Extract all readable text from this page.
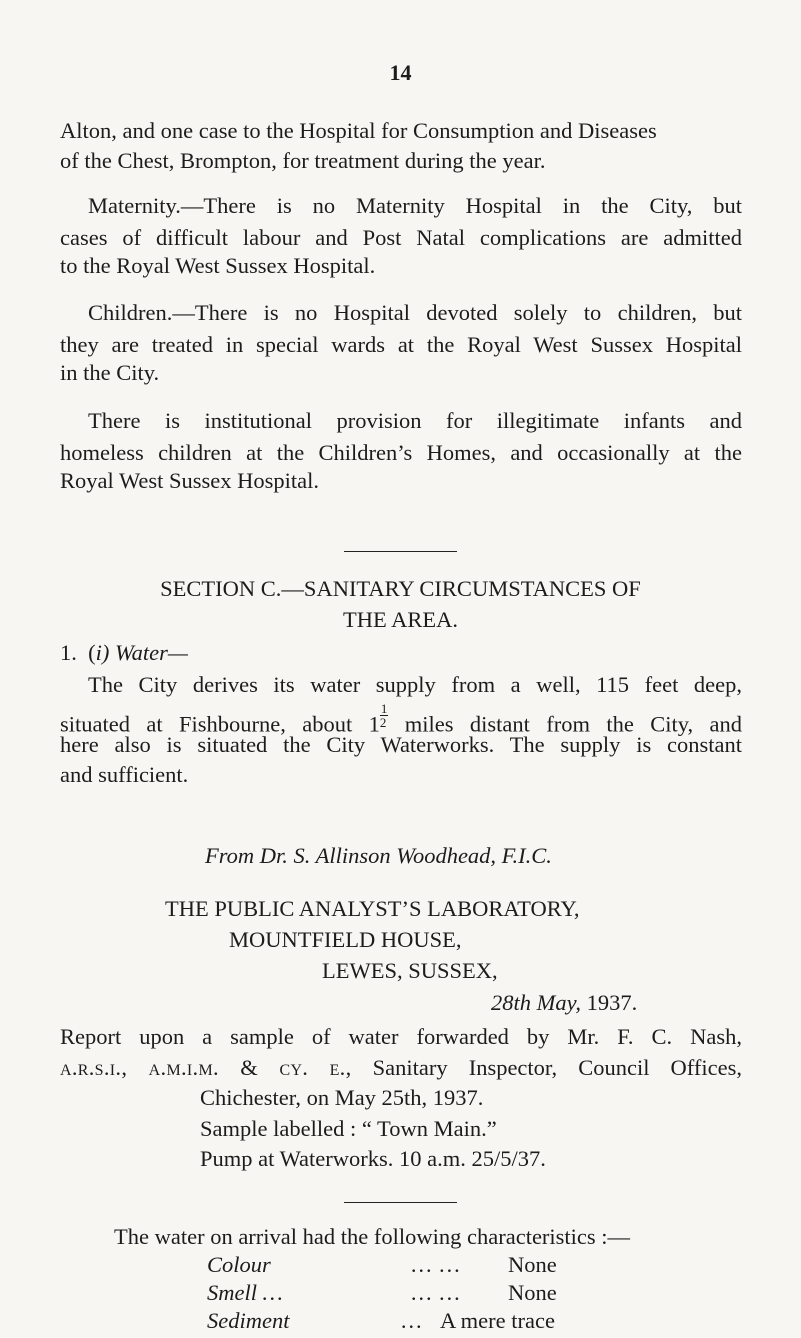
14

Alton, and one case to the Hospital for Consumption and Diseases

of the Chest, Brompton, for treatment during the year.

Maternity.—There is no Maternity Hospital in the City, but

cases of difficult labour and Post Natal complications are admitted

to the Royal West Sussex Hospital.

Children.—There is no Hospital devoted solely to children, but

they are treated in special wards at the Royal West Sussex Hospital

in the City.

There is institutional provision for illegitimate infants and

homeless children at the Children’s Homes, and occasionally at the

Royal West Sussex Hospital.

SECTION C.—SANITARY CIRCUMSTANCES OF

THE AREA.

1. (i) Water—

The City derives its water supply from a well, 115 feet deep,

situated at Fishbourne, about $1 \frac{1}{2}$ miles distant from the City, and

here also is situated the City Waterworks. The supply is constant

and sufficient.

From Dr. S. Allinson Woodhead, F.I.C.

THE PUBLIC ANALYST’S LABORATORY,

MOUNTFIELD HOUSE,

LEWES, SUSSEX,

28th May, 1937.

Report upon a sample of water forwarded by Mr. F. C. Nash,

a.r.s.i., a.m.i.m. & cy. e., Sanitary Inspector, Council Offices,

Chichester, on May 25th, 1937.

Sample labelled : “ Town Main.”

Pump at Waterworks. 10 a.m. 25/5/37.

The water on arrival had the following characteristics :—

Colour	… … None
Smell …	… … None
Sediment	… A mere trace
